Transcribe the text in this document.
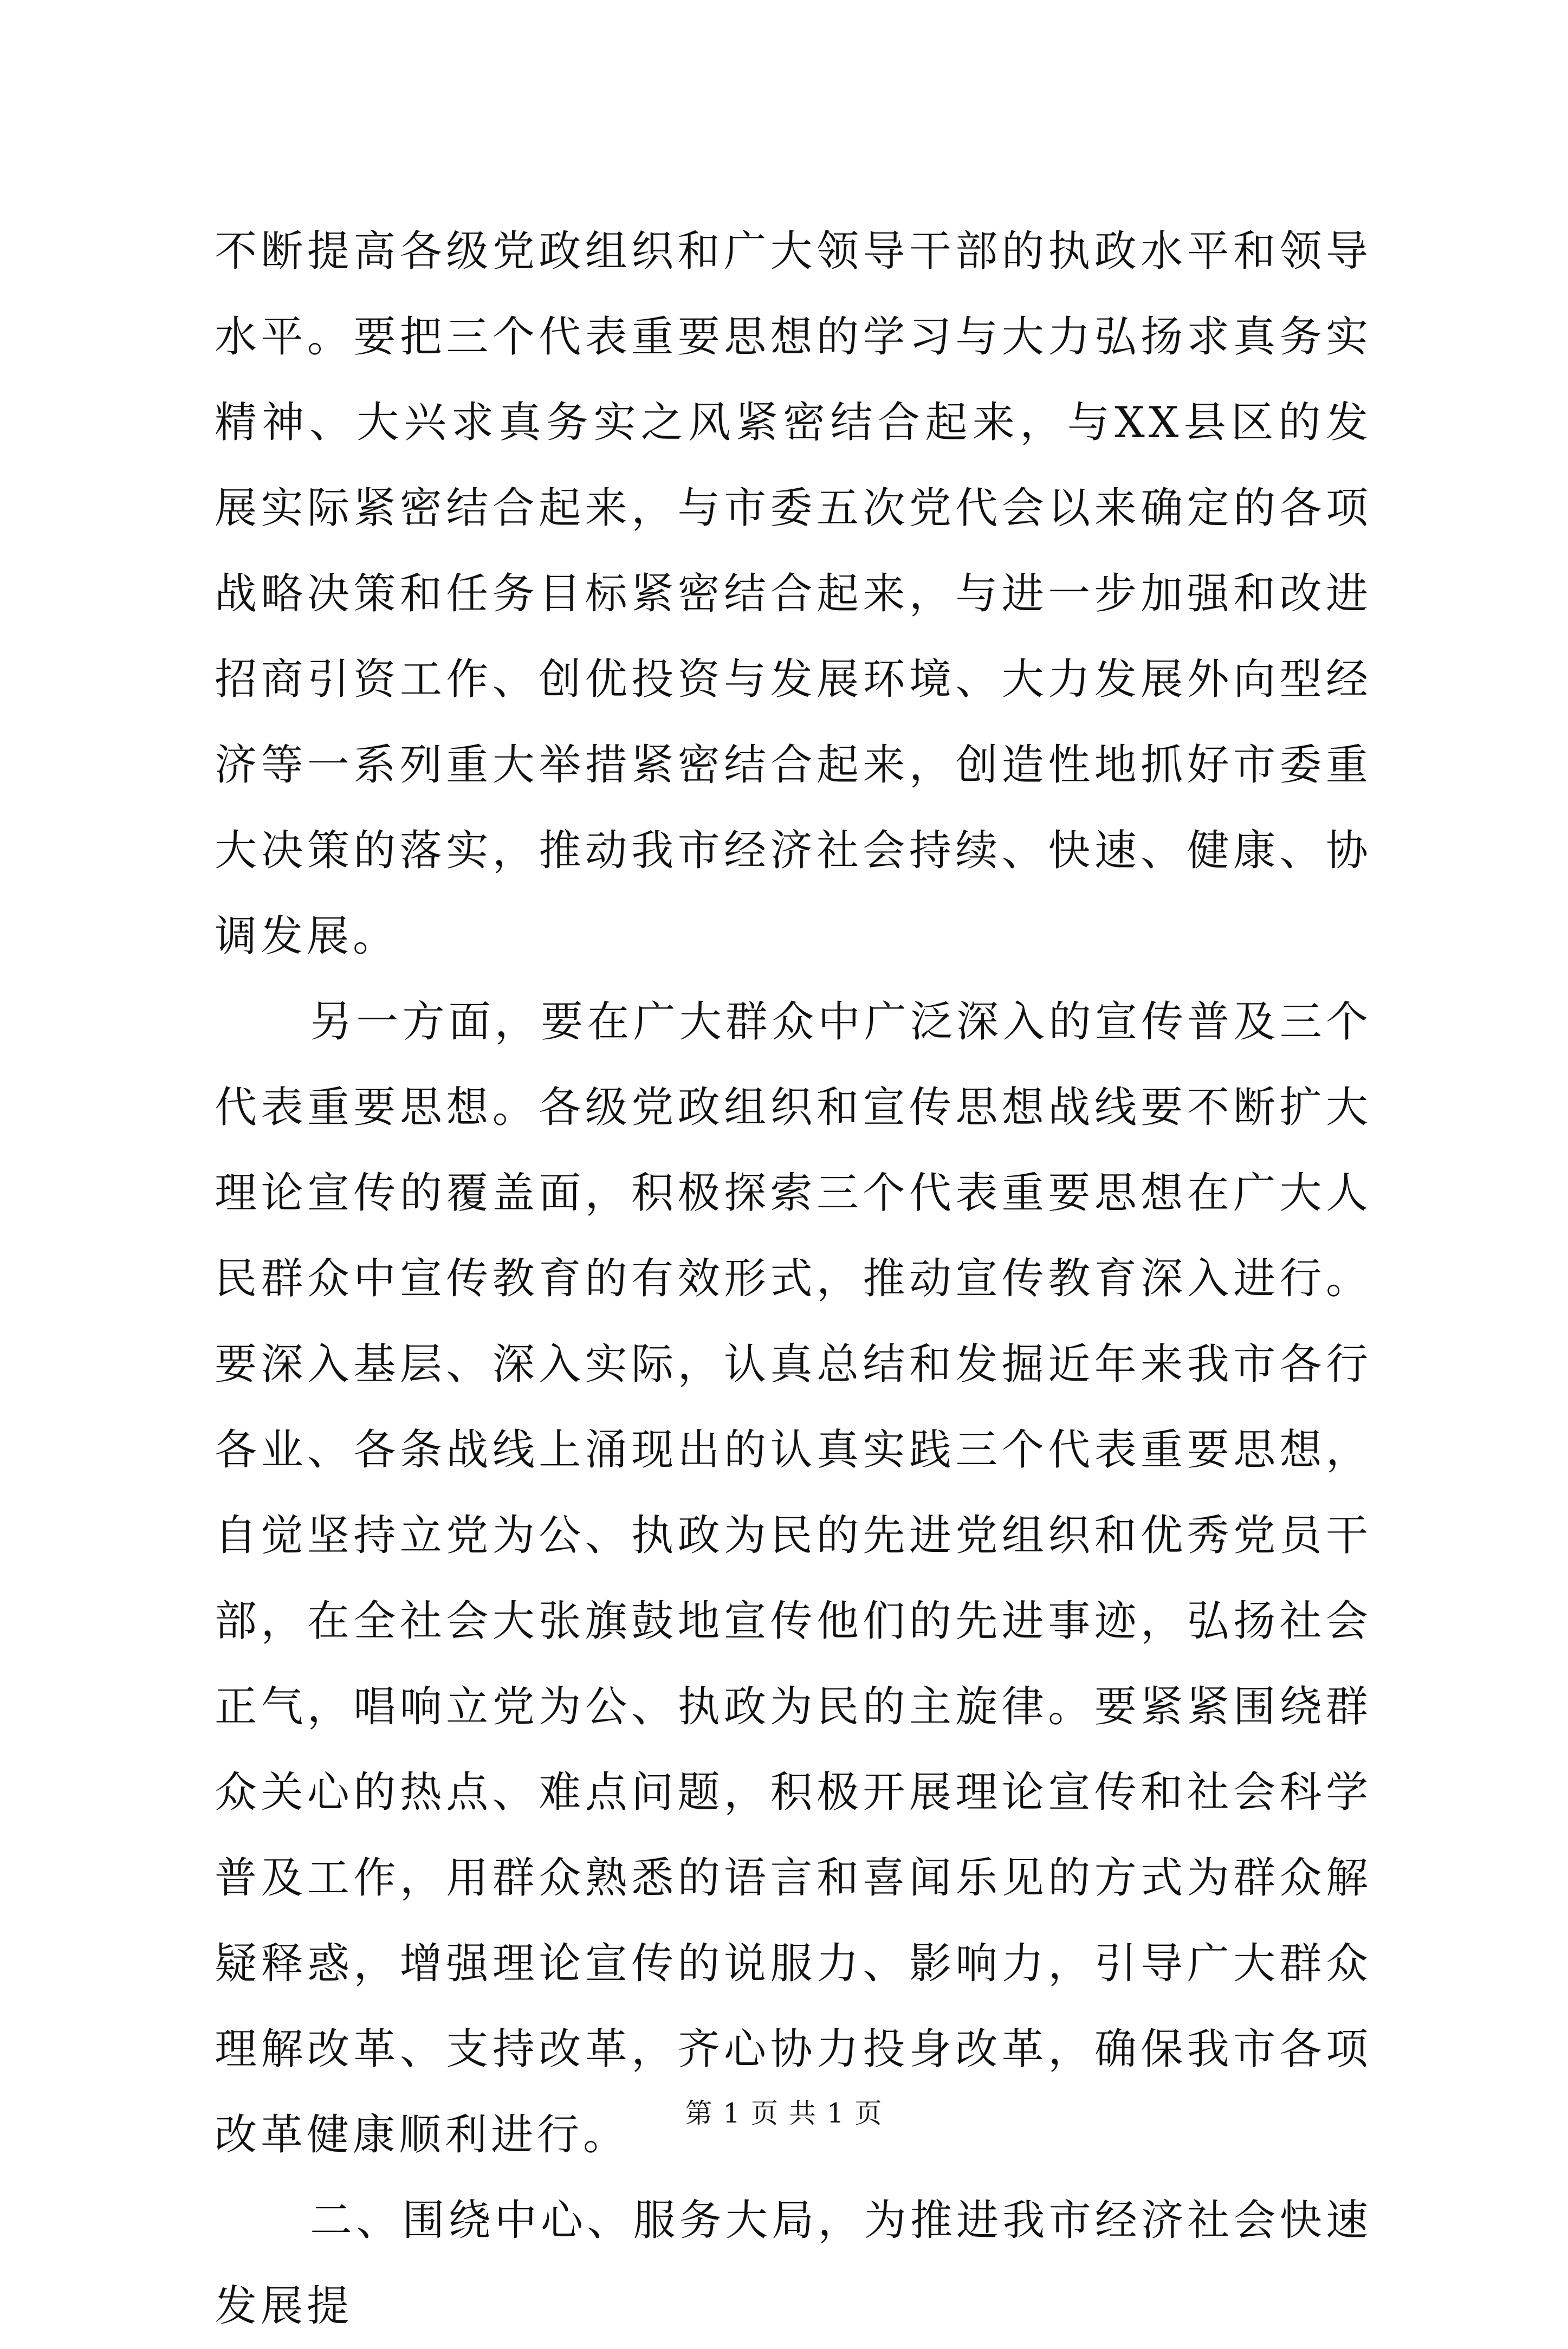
不断提高各级党政组织和广大领导干部的执政水平和领导水平。要把三个代表重要思想的学习与大力弘扬求真务实精神、大兴求真务实之风紧密结合起来，与XX县区的发展实际紧密结合起来，与市委五次党代会以来确定的各项战略决策和任务目标紧密结合起来，与进一步加强和改进招商引资工作、创优投资与发展环境、大力发展外向型经济等一系列重大举措紧密结合起来，创造性地抓好市委重大决策的落实，推动我市经济社会持续、快速、健康、协调发展。

另一方面，要在广大群众中广泛深入的宣传普及三个代表重要思想。各级党政组织和宣传思想战线要不断扩大理论宣传的覆盖面，积极探索三个代表重要思想在广大人民群众中宣传教育的有效形式，推动宣传教育深入进行。要深入基层、深入实际，认真总结和发掘近年来我市各行各业、各条战线上涌现出的认真实践三个代表重要思想，自觉坚持立党为公、执政为民的先进党组织和优秀党员干部，在全社会大张旗鼓地宣传他们的先进事迹，弘扬社会正气，唱响立党为公、执政为民的主旋律。要紧紧围绕群众关心的热点、难点问题，积极开展理论宣传和社会科学普及工作，用群众熟悉的语言和喜闻乐见的方式为群众解疑释惑，增强理论宣传的说服力、影响力，引导广大群众理解改革、支持改革，齐心协力投身改革，确保我市各项改革健康顺利进行。

二、围绕中心、服务大局，为推进我市经济社会快速发展提

第 1 页 共 1 页
